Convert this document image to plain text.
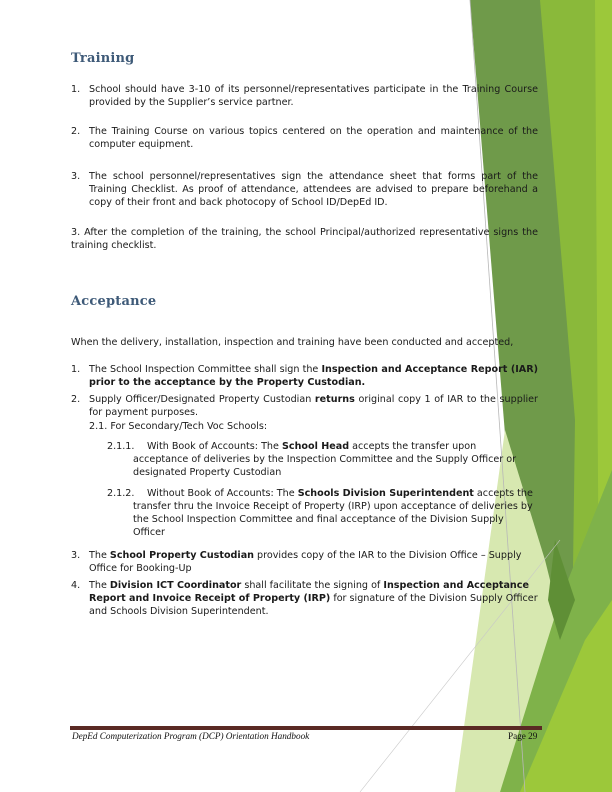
Training
1. School should have 3-10 of its personnel/representatives participate in the Training Course provided by the Supplier’s service partner.
2. The Training Course on various topics centered on the operation and maintenance of the computer equipment.
3. The school personnel/representatives sign the attendance sheet that forms part of the Training Checklist. As proof of attendance, attendees are advised to prepare beforehand a copy of their front and back photocopy of School ID/DepEd ID.
3. After the completion of the training, the school Principal/authorized representative signs the training checklist.
Acceptance
When the delivery, installation, inspection and training have been conducted and accepted,
1. The School Inspection Committee shall sign the Inspection and Acceptance Report (IAR) prior to the acceptance by the Property Custodian.
2. Supply Officer/Designated Property Custodian returns original copy 1 of IAR to the supplier for payment purposes.
2.1. For Secondary/Tech Voc Schools:
2.1.1.	With Book of Accounts: The School Head accepts the transfer upon acceptance of deliveries by the Inspection Committee and the Supply Officer or designated Property Custodian
2.1.2.	Without Book of Accounts: The Schools Division Superintendent accepts the transfer thru the Invoice Receipt of Property (IRP) upon acceptance of deliveries by the School Inspection Committee and final acceptance of the Division Supply Officer
3. The School Property Custodian provides copy of the IAR to the Division Office – Supply Office for Booking-Up
4. The Division ICT Coordinator shall facilitate the signing of Inspection and Acceptance Report and Invoice Receipt of Property (IRP) for signature of the Division Supply Officer and Schools Division Superintendent.
DepEd Computerization Program (DCP) Orientation Handbook	Page 29
